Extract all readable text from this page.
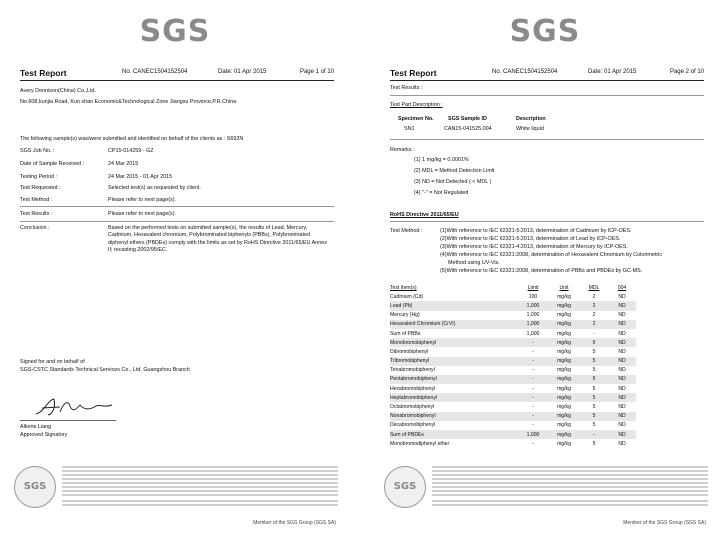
SGS
Test Report	No. CANEC1504152504	Date: 01 Apr 2015	Page 1 of 10
Avery Dennison(China) Co.,Ltd.
No.608,kunjia Road, Kun shan Economic&Technological Zone Jiangsu Province,P.R.China
The following sample(s) was/were submitted and identified on behalf of the clients as : S692N
SGS Job No. :	CP15-014259 - GZ
Date of Sample Received :	24 Mar 2015
Testing Period :	24 Mar 2015 - 01 Apr 2015
Test Requested :	Selected test(s) as requested by client.
Test Method :	Please refer to next page(s).
Test Results :	Please refer to next page(s).
Conclusion :	Based on the performed tests on submitted sample(s), the results of Lead, Mercury, Cadmium, Hexavalent chromium, Polybrominated biphenyls (PBBs), Polybrominated diphenyl ethers (PBDEs) comply with the limits as set by RoHS Directive 2011/65/EU Annex II; recasting 2002/95/EC.
Signed for and on behalf of
SGS-CSTC Standards Technical Services Co., Ltd. Guangzhou Branch
Alkene Liang
Approved Signatory
SGS
Member of the SGS Group (SGS SA)
SGS
Test Report	No. CANEC1504152504	Date: 01 Apr 2015	Page 2 of 10
Test Results :
Test Part Description :
Specimen No.	SGS Sample ID	Description
SN1	CAN15-041525.004	White liquid
Remarks :
(1) 1 mg/kg = 0.0001%
(2) MDL = Method Detection Limit
(3) ND = Not Detected ( < MDL )
(4) "-" = Not Regulated
RoHS Directive 2011/65/EU
Test Method :	(1)With reference to IEC 62321-5:2013, determination of Cadmium by ICP-OES.
(2)With reference to IEC 62321-5:2013, determination of Lead by ICP-OES.
(3)With reference to IEC 62321-4:2013, determination of Mercury by ICP-OES.
(4)With reference to IEC 62321:2008, determination of Hexavalent Chromium by Colorimetric
Method using UV-Vis.
(5)With reference to IEC 62321:2008, determination of PBBs and PBDEs by GC-MS.
Test Item(s)	Limit	Unit	MDL	004
Cadmium (Cd)	100	mg/kg	2	ND
Lead (Pb)	1,000	mg/kg	2	ND
Mercury (Hg)	1,000	mg/kg	2	ND
Hexavalent Chromium (CrVI)	1,000	mg/kg	2	ND
Sum of PBBs	1,000	mg/kg	-	ND
Monobromobiphenyl	-	mg/kg	5	ND
Dibromobiphenyl	-	mg/kg	5	ND
Tribromobiphenyl	-	mg/kg	5	ND
Tetrabromobiphenyl	-	mg/kg	5	ND
Pentabromobiphenyl	-	mg/kg	5	ND
Hexabromobiphenyl	-	mg/kg	5	ND
Heptabromobiphenyl	-	mg/kg	5	ND
Octabromobiphenyl	-	mg/kg	5	ND
Nonabromobiphenyl	-	mg/kg	5	ND
Decabromobiphenyl	-	mg/kg	5	ND
Sum of PBDEs	1,000	mg/kg	-	ND
Monobromodiphenyl ether	-	mg/kg	5	ND
SGS
Member of the SGS Group (SGS SA)
